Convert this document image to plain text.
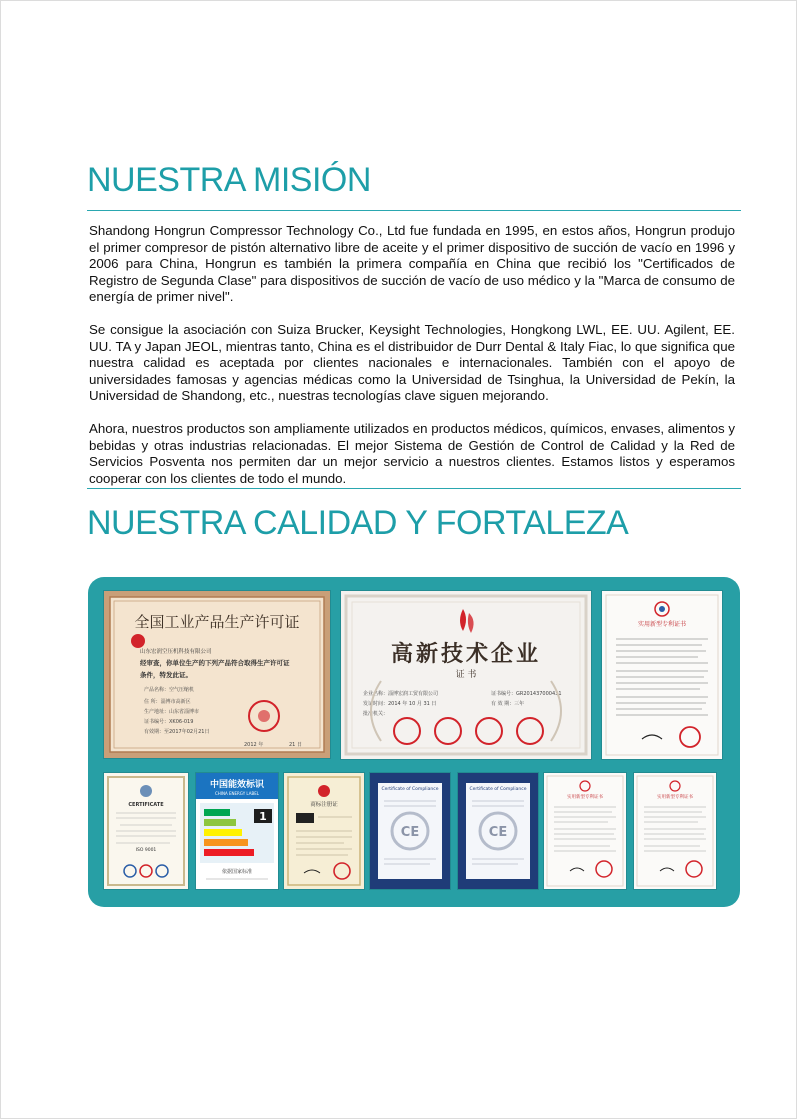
NUESTRA MISIÓN

Shandong Hongrun Compressor Technology Co., Ltd fue fundada en 1995, en estos años, Hongrun produjo el primer compresor de pistón alternativo libre de aceite y el primer dispositivo de succión de vacío en 1996 y 2006 para China, Hongrun es también la primera compañía en China que recibió los "Certificados de Registro de Segunda Clase" para dispositivos de succión de vacío de uso médico y la "Marca de consumo de energía de primer nivel".

Se consigue la asociación con Suiza Brucker, Keysight Technologies, Hongkong LWL, EE. UU. Agilent, EE. UU. TA y Japan JEOL, mientras tanto, China es el distribuidor de Durr Dental & Italy Fiac, lo que significa que nuestra calidad es aceptada por clientes nacionales e internacionales. También con el apoyo de universidades famosas y agencias médicas como la Universidad de Tsinghua, la Universidad de Pekín, la Universidad de Shandong, etc., nuestras tecnologías clave siguen mejorando.

Ahora, nuestros productos son ampliamente utilizados en productos médicos, químicos, envases, alimentos y bebidas y otras industrias relacionadas. El mejor Sistema de Gestión de Control de Calidad y la Red de Servicios Posventa nos permiten dar un mejor servicio a nuestros clientes. Estamos listos y esperamos cooperar con los clientes de todo el mundo.

NUESTRA CALIDAD Y FORTALEZA
全国工业产品生产许可证
山东宏润空压机科技有限公司
经审查，你单位生产的下列产品符合取得生产许可证
条件，特发此证。
产品名称：空气压缩机
住 所：淄博市高新区
生产地址：山东省淄博市
证书编号：XK06-019
有效期：至2017年02月21日
2012 年	21 日
高新技术企业
证 书
企业名称：淄博宏润工贸有限公司	证书编号：GR201437000431
发证时间：2014 年 10 月 31 日	有 效 期：三年
批准机关：
实用新型专利证书
CERTIFICATE
ISO 9001
中国能效标识
CHINA ENERGY LABEL
1
依据国家标准
商标注册证
Certificate of Compliance
CE
Certificate of Compliance
CE
实用新型专利证书	实用新型专利证书
